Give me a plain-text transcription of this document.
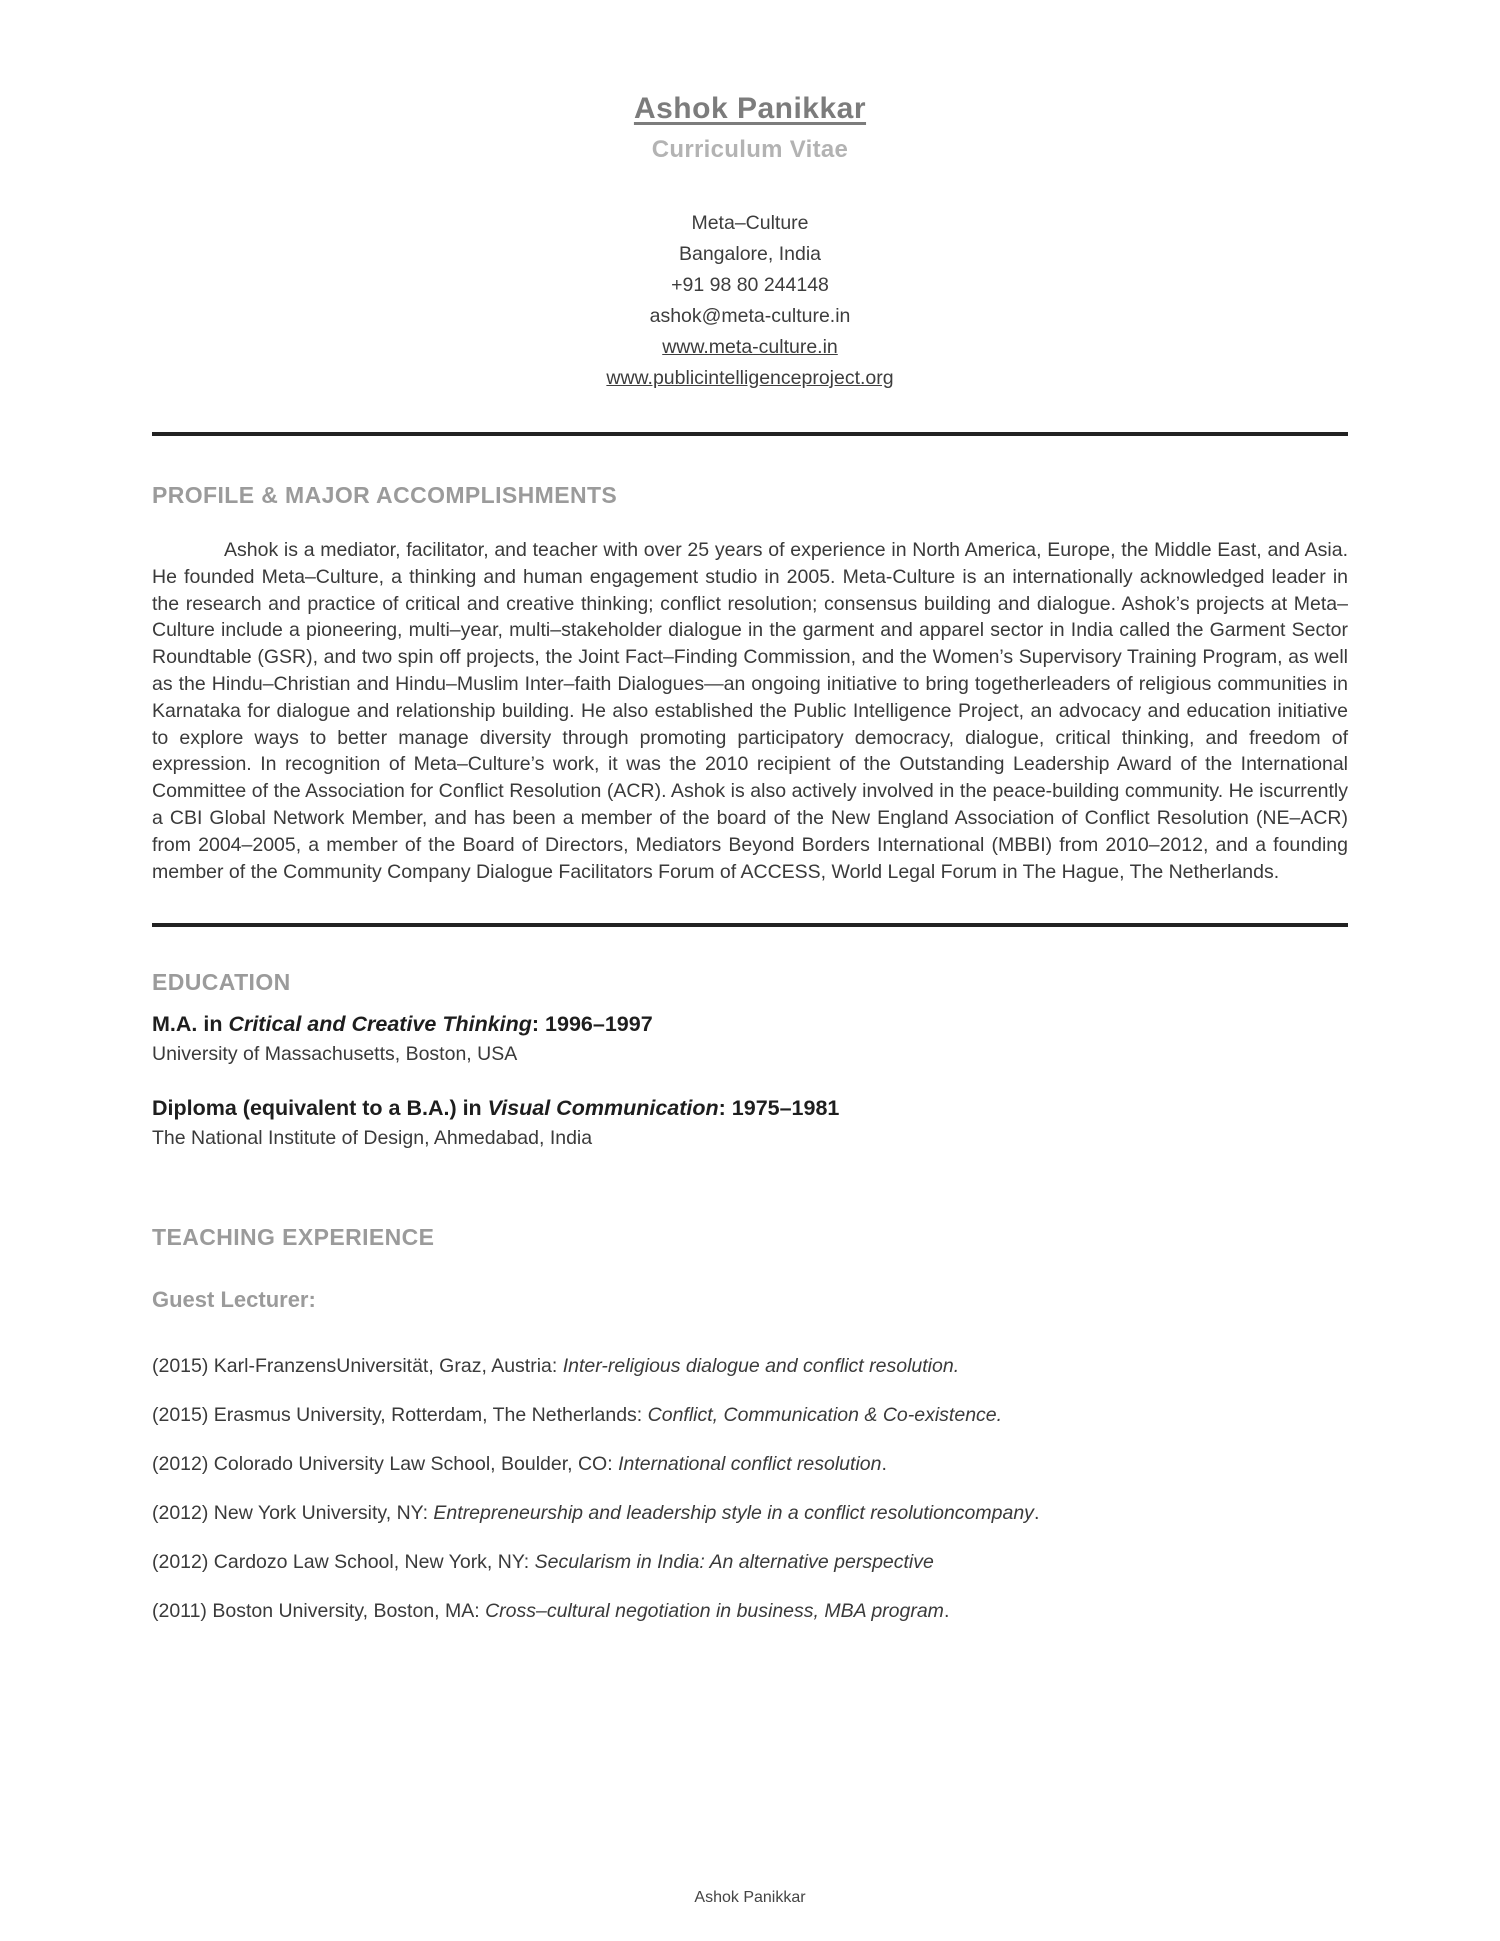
Ashok Panikkar
Curriculum Vitae

Meta–Culture

Bangalore, India

+91 98 80 244148

ashok@meta-culture.in

www.meta-culture.in

www.publicintelligenceproject.org

PROFILE & MAJOR ACCOMPLISHMENTS

Ashok is a mediator, facilitator, and teacher with over 25 years of experience in North America, Europe, the Middle East, and Asia. He founded Meta–Culture, a thinking and human engagement studio in 2005. Meta-Culture is an internationally acknowledged leader in the research and practice of critical and creative thinking; conflict resolution; consensus building and dialogue. Ashok’s projects at Meta–Culture include a pioneering, multi–year, multi–stakeholder dialogue in the garment and apparel sector in India called the Garment Sector Roundtable (GSR), and two spin off projects, the Joint Fact–Finding Commission, and the Women’s Supervisory Training Program, as well as the Hindu–Christian and Hindu–Muslim Inter–faith Dialogues—an ongoing initiative to bring togetherleaders of religious communities in Karnataka for dialogue and relationship building. He also established the Public Intelligence Project, an advocacy and education initiative to explore ways to better manage diversity through promoting participatory democracy, dialogue, critical thinking, and freedom of expression. In recognition of Meta–Culture’s work, it was the 2010 recipient of the Outstanding Leadership Award of the International Committee of the Association for Conflict Resolution (ACR). Ashok is also actively involved in the peace-building community. He iscurrently a CBI Global Network Member, and has been a member of the board of the New England Association of Conflict Resolution (NE–ACR) from 2004–2005, a member of the Board of Directors, Mediators Beyond Borders International (MBBI) from 2010–2012, and a founding member of the Community Company Dialogue Facilitators Forum of ACCESS, World Legal Forum in The Hague, The Netherlands.

EDUCATION

M.A. in Critical and Creative Thinking: 1996–1997

University of Massachusetts, Boston, USA

Diploma (equivalent to a B.A.) in Visual Communication: 1975–1981

The National Institute of Design, Ahmedabad, India

TEACHING EXPERIENCE
Guest Lecturer:

(2015) Karl-FranzensUniversität, Graz, Austria: Inter-religious dialogue and conflict resolution.

(2015) Erasmus University, Rotterdam, The Netherlands: Conflict, Communication & Co-existence.

(2012) Colorado University Law School, Boulder, CO: International conflict resolution.

(2012) New York University, NY: Entrepreneurship and leadership style in a conflict resolutioncompany.

(2012) Cardozo Law School, New York, NY: Secularism in India: An alternative perspective

(2011) Boston University, Boston, MA: Cross–cultural negotiation in business, MBA program.

Ashok Panikkar
